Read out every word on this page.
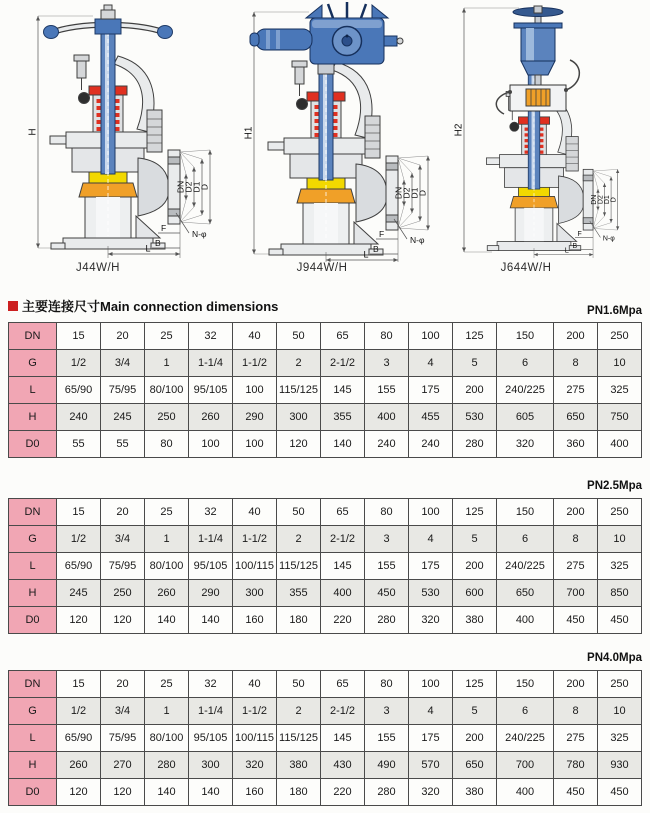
H
DN
D2
D1
D
N-φ
F
B
L
H1
DN
D2
D1
D
N-φ
F
B
L
H2
DN D2 D1 D
N-φ
F
B
L
J44W/H	J944W/H	J644W/H
主要连接尺寸Main connection dimensions	PN1.6Mpa
PN2.5Mpa
PN4.0Mpa
DN	15	20	25	32	40	50	65	80	100	125	150	200	250
G	1/2	3/4	1	1-1/4	1-1/2	2	2-1/2	3	4	5	6	8	10
L	65/90	75/95	80/100	95/105	100	115/125	145	155	175	200	240/225	275	325
H	240	245	250	260	290	300	355	400	455	530	605	650	750
D0	55	55	80	100	100	120	140	240	240	280	320	360	400
DN	15	20	25	32	40	50	65	80	100	125	150	200	250
G	1/2	3/4	1	1-1/4	1-1/2	2	2-1/2	3	4	5	6	8	10
L	65/90	75/95	80/100	95/105	100/115	115/125	145	155	175	200	240/225	275	325
H	245	250	260	290	300	355	400	450	530	600	650	700	850
D0	120	120	140	140	160	180	220	280	320	380	400	450	450
DN	15	20	25	32	40	50	65	80	100	125	150	200	250
G	1/2	3/4	1	1-1/4	1-1/2	2	2-1/2	3	4	5	6	8	10
L	65/90	75/95	80/100	95/105	100/115	115/125	145	155	175	200	240/225	275	325
H	260	270	280	300	320	380	430	490	570	650	700	780	930
D0	120	120	140	140	160	180	220	280	320	380	400	450	450
